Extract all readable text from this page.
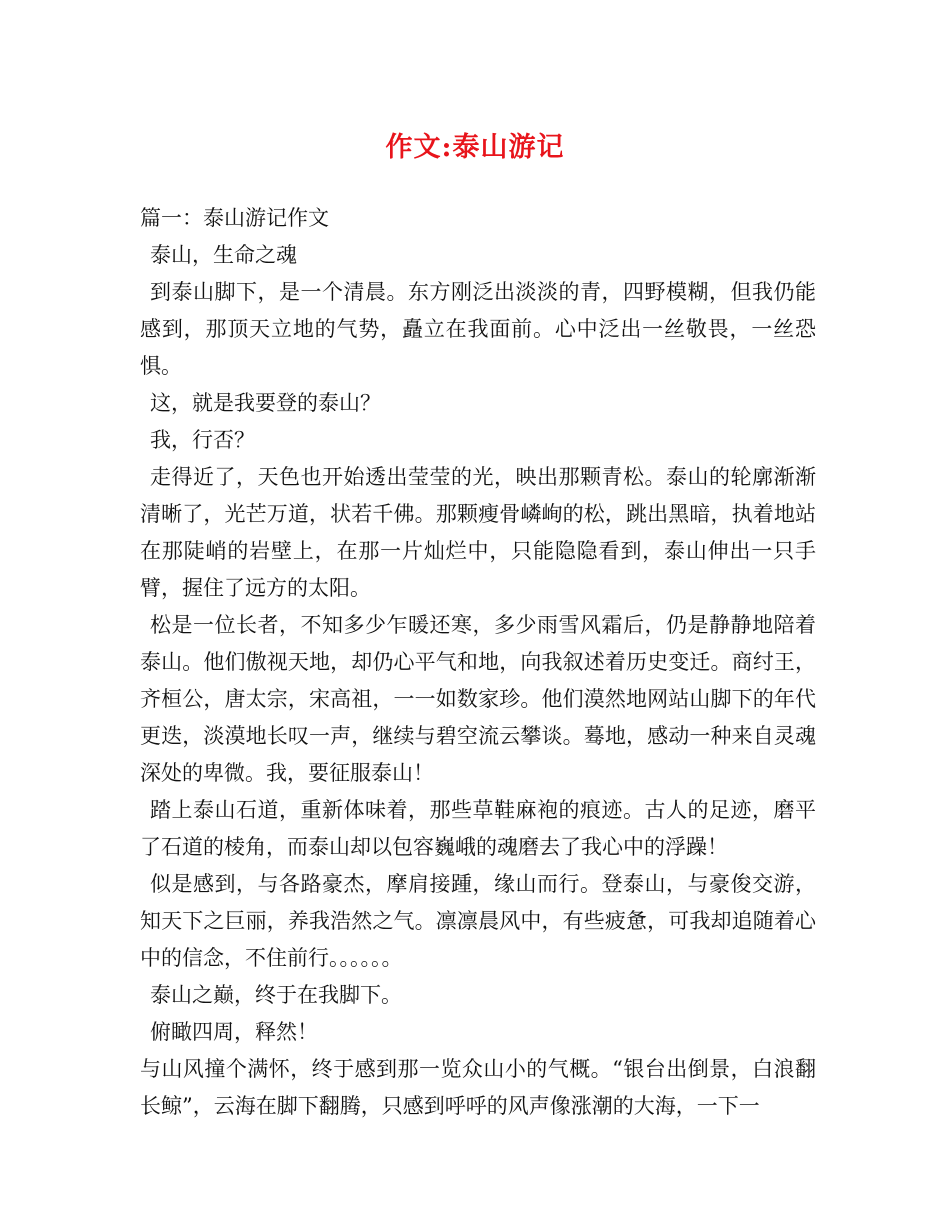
作文:泰山游记

篇一：泰山游记作文

泰山，生命之魂

到泰山脚下，是一个清晨。东方刚泛出淡淡的青，四野模糊，但我仍能感到，那顶天立地的气势，矗立在我面前。心中泛出一丝敬畏，一丝恐惧。

这，就是我要登的泰山？

我，行否？

走得近了，天色也开始透出莹莹的光，映出那颗青松。泰山的轮廓渐渐清晰了，光芒万道，状若千佛。那颗瘦骨嶙峋的松，跳出黑暗，执着地站在那陡峭的岩壁上，在那一片灿烂中，只能隐隐看到，泰山伸出一只手臂，握住了远方的太阳。

松是一位长者，不知多少乍暖还寒，多少雨雪风霜后，仍是静静地陪着泰山。他们傲视天地，却仍心平气和地，向我叙述着历史变迁。商纣王，齐桓公，唐太宗，宋高祖，一一如数家珍。他们漠然地网站山脚下的年代更迭，淡漠地长叹一声，继续与碧空流云攀谈。蓦地，感动一种来自灵魂深处的卑微。我，要征服泰山！

踏上泰山石道，重新体味着，那些草鞋麻袍的痕迹。古人的足迹，磨平了石道的棱角，而泰山却以包容巍峨的魂磨去了我心中的浮躁！

似是感到，与各路豪杰，摩肩接踵，缘山而行。登泰山，与豪俊交游，知天下之巨丽，养我浩然之气。凛凛晨风中，有些疲惫，可我却追随着心中的信念，不住前行。。。。。。

泰山之巅，终于在我脚下。

俯瞰四周，释然！

与山风撞个满怀，终于感到那一览众山小的气概。“银台出倒景，白浪翻长鲸”，云海在脚下翻腾，只感到呼呼的风声像涨潮的大海，一下一
